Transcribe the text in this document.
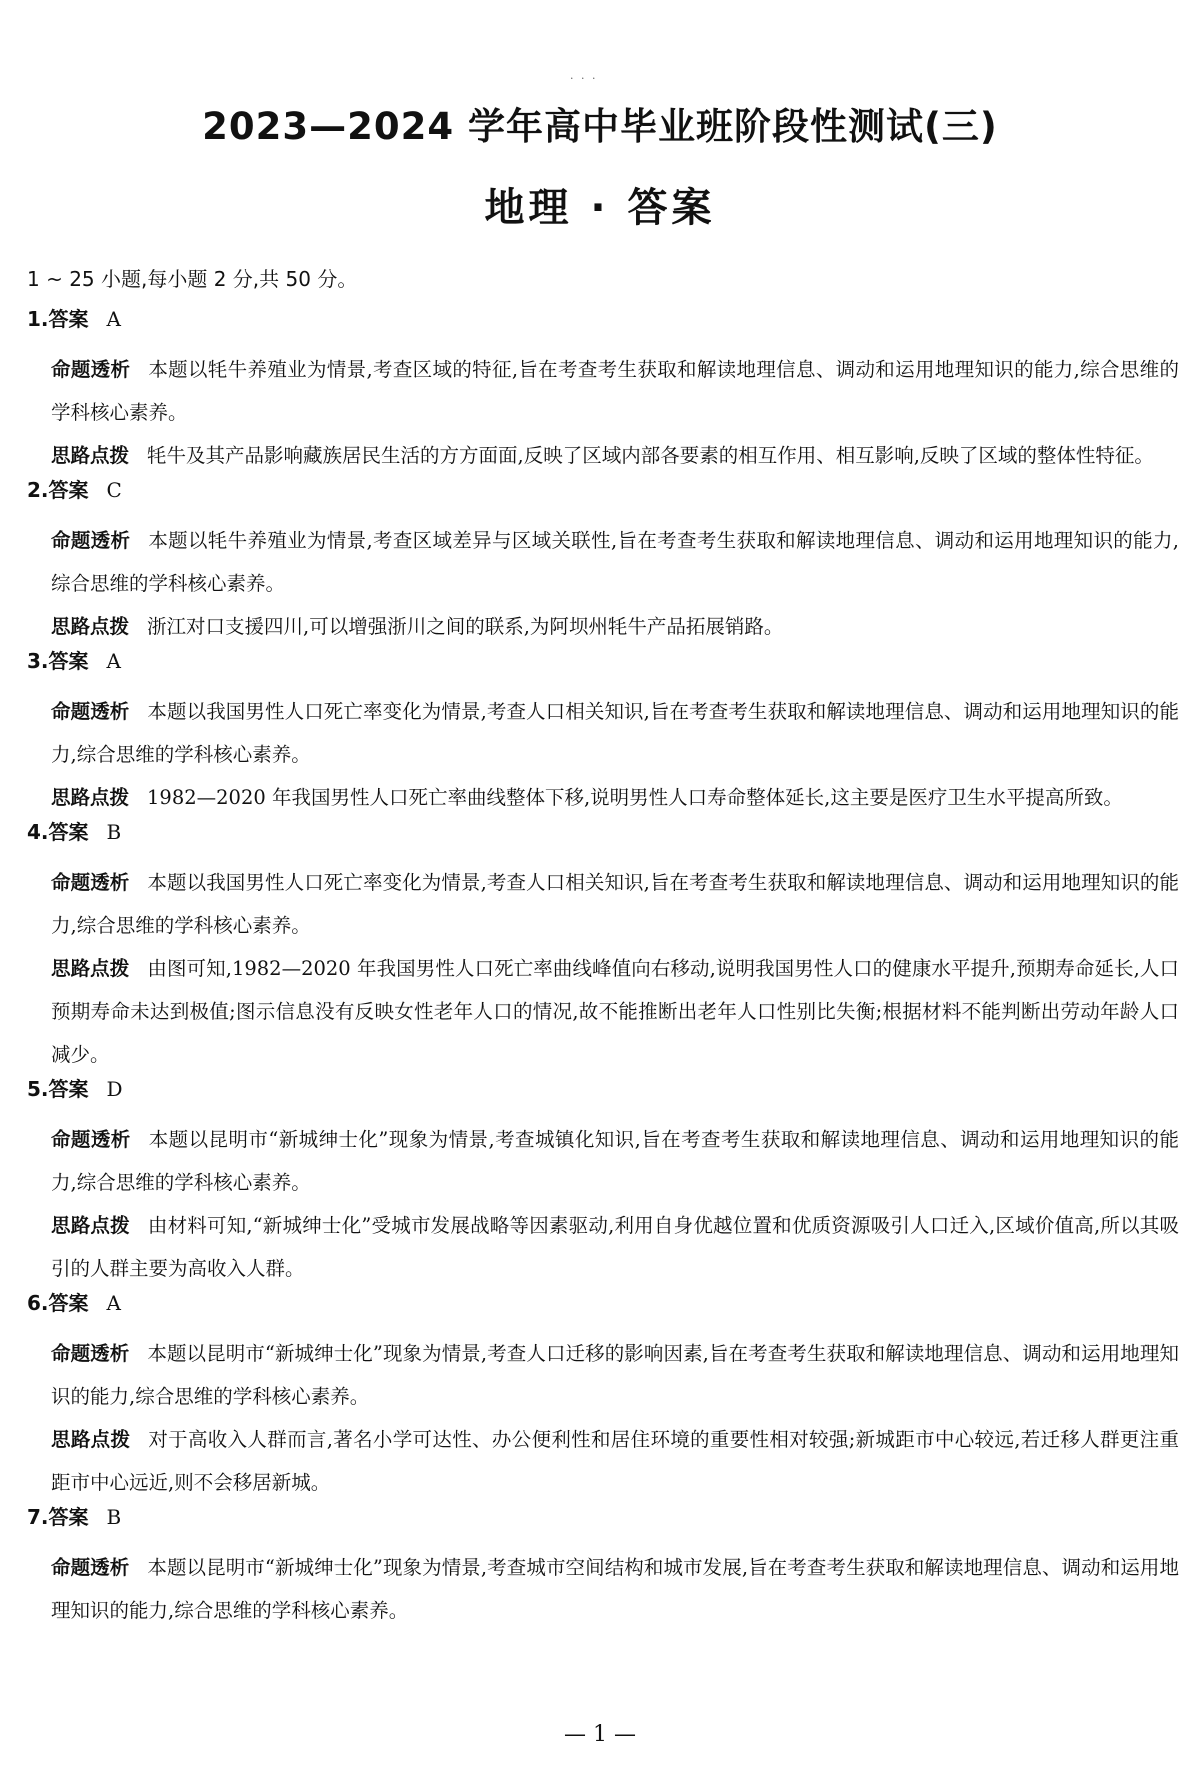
· · ·
2023—2024 学年高中毕业班阶段性测试(三)
地理 · 答案
1 ~ 25 小题,每小题 2 分,共 50 分。
1.答案 A
命题透析 本题以牦牛养殖业为情景,考查区域的特征,旨在考查考生获取和解读地理信息、调动和运用地理知识的能力,综合思维的学科核心素养。
思路点拨 牦牛及其产品影响藏族居民生活的方方面面,反映了区域内部各要素的相互作用、相互影响,反映了区域的整体性特征。
2.答案 C
命题透析 本题以牦牛养殖业为情景,考查区域差异与区域关联性,旨在考查考生获取和解读地理信息、调动和运用地理知识的能力,综合思维的学科核心素养。
思路点拨 浙江对口支援四川,可以增强浙川之间的联系,为阿坝州牦牛产品拓展销路。
3.答案 A
命题透析 本题以我国男性人口死亡率变化为情景,考查人口相关知识,旨在考查考生获取和解读地理信息、调动和运用地理知识的能力,综合思维的学科核心素养。
思路点拨 1982—2020 年我国男性人口死亡率曲线整体下移,说明男性人口寿命整体延长,这主要是医疗卫生水平提高所致。
4.答案 B
命题透析 本题以我国男性人口死亡率变化为情景,考查人口相关知识,旨在考查考生获取和解读地理信息、调动和运用地理知识的能力,综合思维的学科核心素养。
思路点拨 由图可知,1982—2020 年我国男性人口死亡率曲线峰值向右移动,说明我国男性人口的健康水平提升,预期寿命延长,人口预期寿命未达到极值;图示信息没有反映女性老年人口的情况,故不能推断出老年人口性别比失衡;根据材料不能判断出劳动年龄人口减少。
5.答案 D
命题透析 本题以昆明市“新城绅士化”现象为情景,考查城镇化知识,旨在考查考生获取和解读地理信息、调动和运用地理知识的能力,综合思维的学科核心素养。
思路点拨 由材料可知,“新城绅士化”受城市发展战略等因素驱动,利用自身优越位置和优质资源吸引人口迁入,区域价值高,所以其吸引的人群主要为高收入人群。
6.答案 A
命题透析 本题以昆明市“新城绅士化”现象为情景,考查人口迁移的影响因素,旨在考查考生获取和解读地理信息、调动和运用地理知识的能力,综合思维的学科核心素养。
思路点拨 对于高收入人群而言,著名小学可达性、办公便利性和居住环境的重要性相对较强;新城距市中心较远,若迁移人群更注重距市中心远近,则不会移居新城。
7.答案 B
命题透析 本题以昆明市“新城绅士化”现象为情景,考查城市空间结构和城市发展,旨在考查考生获取和解读地理信息、调动和运用地理知识的能力,综合思维的学科核心素养。
— 1 —
